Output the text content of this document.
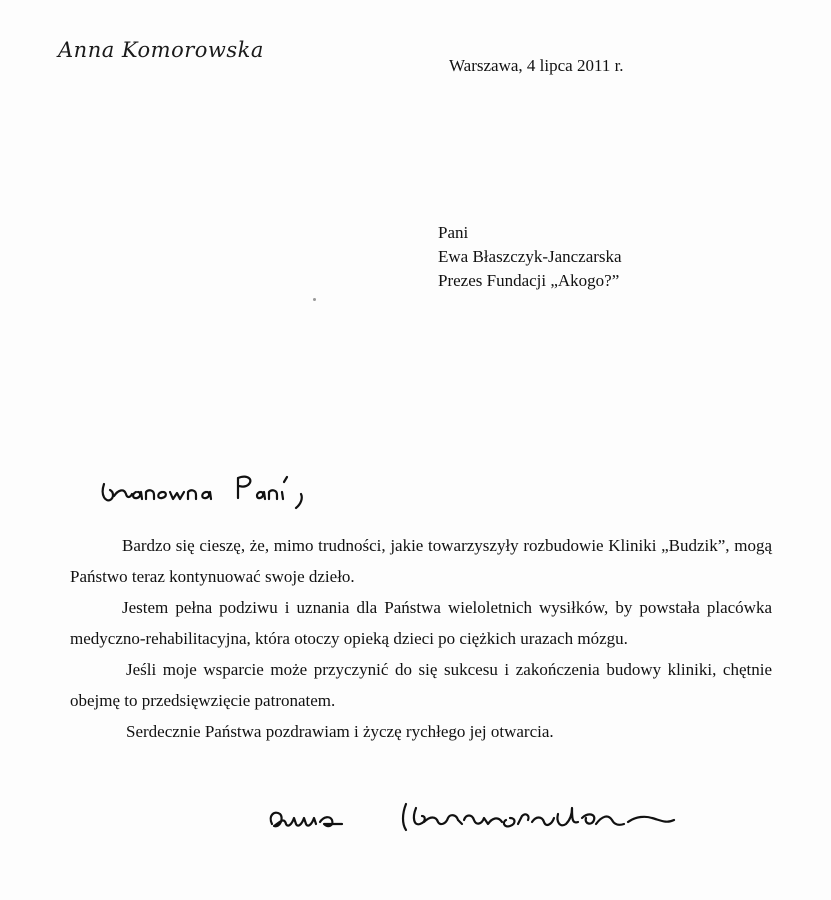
Anna Komorowska
Warszawa, 4 lipca 2011 r.
Pani
Ewa Błaszczyk-Janczarska
Prezes Fundacji „Akogo?”

Bardzo się cieszę, że, mimo trudności, jakie towarzyszyły rozbudowie Kliniki „Budzik”, mogą Państwo teraz kontynuować swoje dzieło.

Jestem pełna podziwu i uznania dla Państwa wieloletnich wysiłków, by powstała placówka medyczno-rehabilitacyjna, która otoczy opieką dzieci po ciężkich urazach mózgu.

Jeśli moje wsparcie może przyczynić do się sukcesu i zakończenia budowy kliniki, chętnie obejmę to przedsięwzięcie patronatem.

Serdecznie Państwa pozdrawiam i życzę rychłego jej otwarcia.
